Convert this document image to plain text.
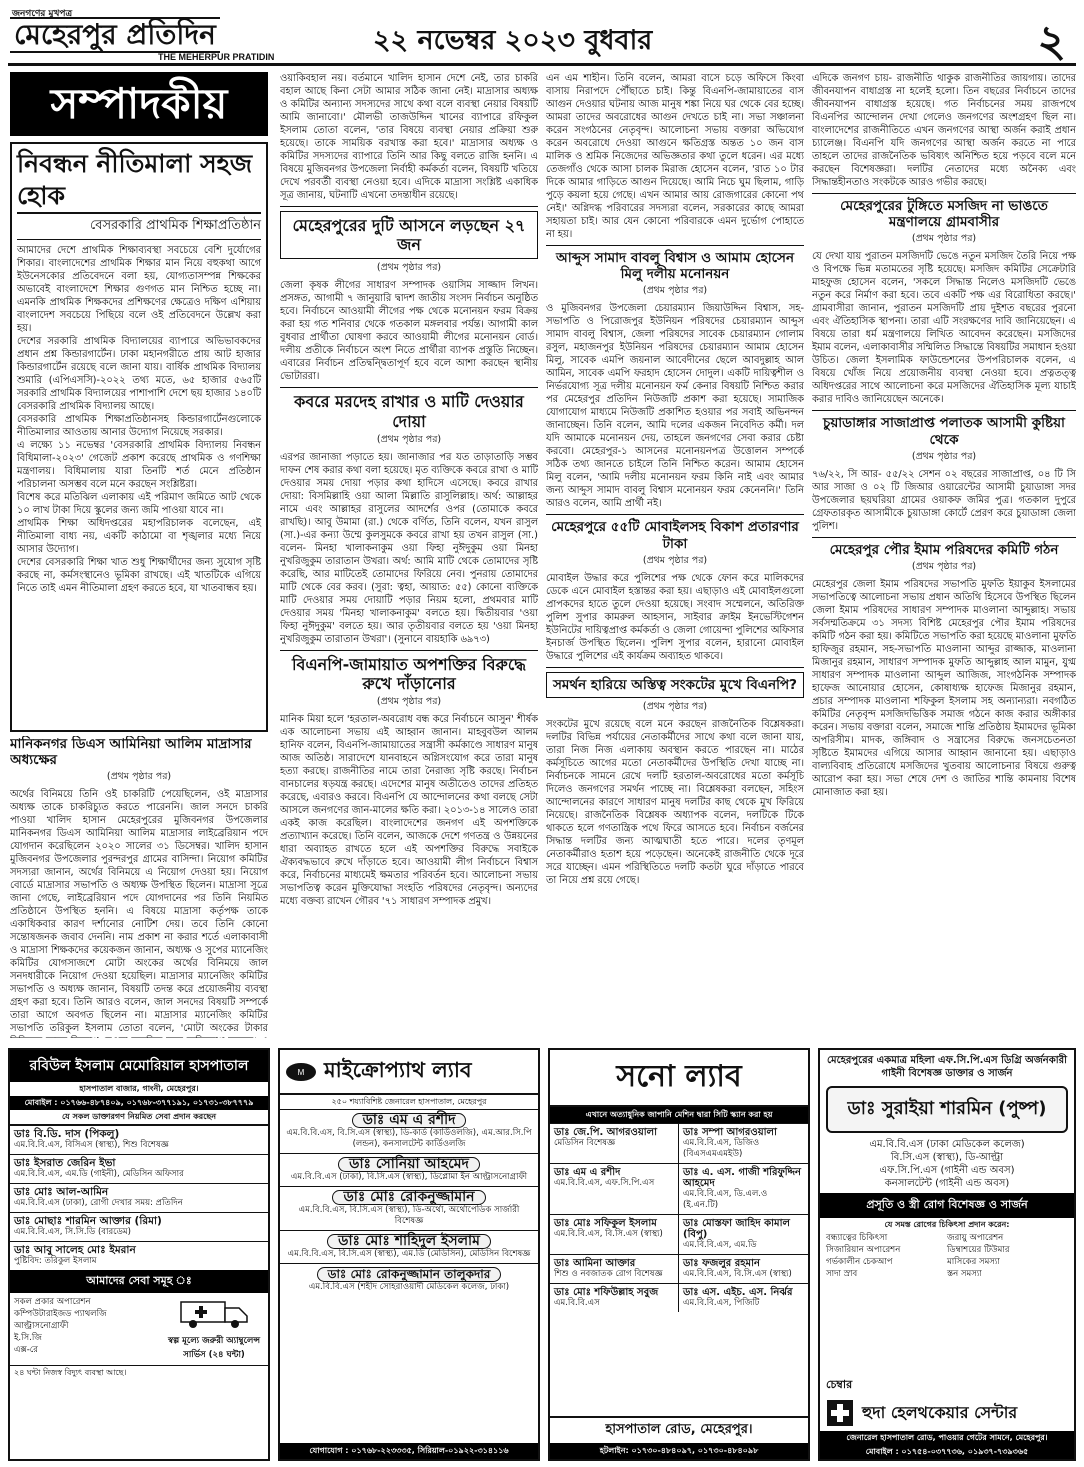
জনগণের মুখপত্র
মেহেরপুর প্রতিদিন
THE MEHERPUR PRATIDIN
২২ নভেম্বর ২০২৩ বুধবার	২
সম্পাদকীয়
নিবন্ধন নীতিমালা সহজ হোক
বেসরকারি প্রাথমিক শিক্ষাপ্রতিষ্ঠান

আমাদের দেশে প্রাথমিক শিক্ষাব্যবস্থা সবচেয়ে বেশি দুর্যোগের শিকার। বাংলাদেশের প্রাথমিক শিক্ষার মান নিয়ে বহুকথা আগে ইউনেসকোর প্রতিবেদনে বলা হয়, যোগ্যতাসম্পন্ন শিক্ষকের অভাবেই বাংলাদেশে শিক্ষার গুণগত মান নিশ্চিত হচ্ছে না। এমনকি প্রাথমিক শিক্ষকদের প্রশিক্ষণের ক্ষেত্রেও দক্ষিণ এশিয়ায় বাংলাদেশ সবচেয়ে পিছিয়ে বলে ওই প্রতিবেদনে উল্লেখ করা হয়।

দেশের সরকারি প্রাথমিক বিদ্যালয়ের ব্যাপারে অভিভাবকদের প্রধান প্রশ্ন কিন্ডারগার্টেন। ঢাকা মহানগরীতে প্রায় আট হাজার কিন্ডারগার্টেন রয়েছে বলে জানা যায়। বার্ষিক প্রাথমিক বিদ্যালয় শুমারি (এপিএসসি)-২০২২ তথ্য মতে, ৬৫ হাজার ৫৬৫টি সরকারি প্রাথমিক বিদ্যালয়ের পাশাপাশি দেশে ছয় হাজার ১৪০টি বেসরকারি প্রাথমিক বিদ্যালয় আছে।

বেসরকারি প্রাথমিক শিক্ষাপ্রতিষ্ঠানসহ কিন্ডারগার্টেনগুলোকে নীতিমালার আওতায় আনার উদ্যোগ নিয়েছে সরকার।

এ লক্ষ্যে ১১ নভেম্বর 'বেসরকারি প্রাথমিক বিদ্যালয় নিবন্ধন বিধিমালা-২০২৩' গেজেট প্রকাশ করেছে প্রাথমিক ও গণশিক্ষা মন্ত্রণালয়। বিধিমালায় যারা তিনটি শর্ত মেনে প্রতিষ্ঠান পরিচালনা অসম্ভব বলে মনে করছেন সংশ্লিষ্টরা।

বিশেষ করে মতিঝিল এলাকায় এই পরিমাণ জমিতে আট থেকে ১০ লাখ টাকা দিয়ে স্কুলের জন্য জমি পাওয়া যাবে না।

প্রাথমিক শিক্ষা অধিদপ্তরের মহাপরিচালক বলেছেন, এই নীতিমালা বাধ্য নয়, একটি কাঠামো বা শৃঙ্খলার মধ্যে নিয়ে আসার উদ্যোগ।

দেশের বেসরকারি শিক্ষা খাত শুধু শিক্ষার্থীদের জন্য সুযোগ সৃষ্টি করছে না, কর্মসংস্থানেও ভূমিকা রাখছে। এই খাতটিকে এগিয়ে নিতে তাই এমন নীতিমালা গ্রহণ করতে হবে, যা খাতবান্ধব হয়।

মানিকনগর ডিএস আমিনিয়া আলিম মাদ্রাসার অধ্যক্ষের
(প্রথম পৃষ্ঠার পর)

অর্থের বিনিময়ে তিনি ওই চাকরিটি পেয়েছিলেন, ওই মাদ্রাসার অধ্যক্ষ তাকে চাকরিচ্যুত করতে পারেননি। জাল সনদে চাকরি পাওয়া খালিদ হাসান মেহেরপুরের মুজিবনগর উপজেলার মানিকনগর ডিএস আমিনিয়া আলিম মাদ্রাসার লাইব্রেরিয়ান পদে যোগদান করেছিলেন ২০২০ সালের ৩১ ডিসেম্বর। খালিদ হাসান মুজিবনগর উপজেলার পুরন্দরপুর গ্রামের বাসিন্দা। নিয়োগ কমিটির সদস্যরা জানান, অর্থের বিনিময়ে এ নিয়োগ দেওয়া হয়। নিয়োগ বোর্ডে মাদ্রাসার সভাপতি ও অধ্যক্ষ উপস্থিত ছিলেন। মাদ্রাসা সূত্রে জানা গেছে, লাইব্রেরিয়ান পদে যোগদানের পর তিনি নিয়মিত প্রতিষ্ঠানে উপস্থিত হননি। এ বিষয়ে মাদ্রাসা কর্তৃপক্ষ তাকে একাধিকবার কারণ দর্শানোর নোটিশ দেয়। তবে তিনি কোনো সন্তোষজনক জবাব দেননি। নাম প্রকাশ না করার শর্তে এলাকাবাসী ও মাদ্রাসা শিক্ষকদের কয়েকজন জানান, অধ্যক্ষ ও সুপের ম্যানেজিং কমিটির যোগসাজশে মোটা অংকের অর্থের বিনিময়ে জাল সনদধারীকে নিয়োগ দেওয়া হয়েছিল। মাদ্রাসার ম্যানেজিং কমিটির সভাপতি ও অধ্যক্ষ জানান, বিষয়টি তদন্ত করে প্রয়োজনীয় ব্যবস্থা গ্রহণ করা হবে। তিনি আরও বলেন, জাল সনদের বিষয়টি সম্পর্কে তারা আগে অবগত ছিলেন না। মাদ্রাসার ম্যানেজিং কমিটির সভাপতি তরিকুল ইসলাম তোতা বলেন, 'মোটা অংকের টাকার

ওয়াকিবহাল নয়। বর্তমানে খালিদ হাসান দেশে নেই, তার চাকরি বহাল আছে কিনা সেটা আমার সঠিক জানা নেই। মাদ্রাসার অধ্যক্ষ ও কমিটির অন্যান্য সদস্যদের সাথে কথা বলে ব্যবস্থা নেয়ার বিষয়টি আমি জানাবো।' মৌলভী তাজউদ্দিন খানের ব্যাপারে রফিকুল ইসলাম তোতা বলেন, 'তার বিষয়ে ব্যবস্থা নেয়ার প্রক্রিয়া শুরু হয়েছে। তাকে সাময়িক বরখাস্ত করা হবে।' মাদ্রাসার অধ্যক্ষ ও কমিটির সদস্যদের ব্যাপারে তিনি আর কিছু বলতে রাজি হননি। এ বিষয়ে মুজিবনগর উপজেলা নির্বাহী কর্মকর্তা বলেন, বিষয়টি খতিয়ে দেখে পরবর্তী ব্যবস্থা নেওয়া হবে। এদিকে মাদ্রাসা সংশ্লিষ্ট একাধিক সূত্র জানায়, ঘটনাটি এখনো তদন্তাধীন রয়েছে।

মেহেরপুরের দুটি আসনে লড়ছেন ২৭ জন
(প্রথম পৃষ্ঠার পর)

জেলা কৃষক লীগের সাধারণ সম্পাদক ওয়াসিম সাজ্জাদ লিখন। প্রসঙ্গত, আগামী ৭ জানুয়ারি দ্বাদশ জাতীয় সংসদ নির্বাচন অনুষ্ঠিত হবে। নির্বাচনে আওয়ামী লীগের পক্ষ থেকে মনোনয়ন ফরম বিক্রয় করা হয় গত শনিবার থেকে গতকাল মঙ্গলবার পর্যন্ত। আগামী কাল বুধবার প্রার্থীতা ঘোষণা করবে আওয়ামী লীগের মনোনয়ন বোর্ড। দলীয় প্রতীকে নির্বাচনে অংশ নিতে প্রার্থীরা ব্যাপক প্রস্তুতি নিচ্ছেন। এবারের নির্বাচন প্রতিদ্বন্দ্বিতাপূর্ণ হবে বলে আশা করছেন স্থানীয় ভোটাররা।

কবরে মরদেহ রাখার ও মাটি দেওয়ার দোয়া
(প্রথম পৃষ্ঠার পর)

এরপর জানাজা পড়াতে হয়। জানাজার পর যত তাড়াতাড়ি সম্ভব দাফন শেষ করার কথা বলা হয়েছে। মৃত ব্যক্তিকে কবরে রাখা ও মাটি দেওয়ার সময় দোয়া পড়ার কথা হাদিসে এসেছে। কবরে রাখার দোয়া: বিসমিল্লাহি ওয়া আলা মিল্লাতি রাসুলিল্লাহ। অর্থ: আল্লাহর নামে এবং আল্লাহর রাসুলের আদর্শের ওপর (তোমাকে কবরে রাখছি)। আবু উমামা (রা.) থেকে বর্ণিত, তিনি বলেন, যখন রাসুল (সা.)-এর কন্যা উম্মে কুলসুমকে কবরে রাখা হয় তখন রাসুল (সা.) বলেন- মিনহা খালাকনাকুম ওয়া ফিহা নুঈদুকুম ওয়া মিনহা নুখরিজুকুম তারাতান উখরা। অর্থ: আমি মাটি থেকে তোমাদের সৃষ্টি করেছি, আর মাটিতেই তোমাদের ফিরিয়ে নেব। পুনরায় তোমাদের মাটি থেকে বের করব। (সুরা: ত্বহা, আয়াত: ৫৫) কোনো ব্যক্তিকে মাটি দেওয়ার সময় দোয়াটি পড়ার নিয়ম হলো, প্রথমবার মাটি দেওয়ার সময় 'মিনহা খালাকনাকুম' বলতে হয়। দ্বিতীয়বার 'ওয়া ফিহা নুঈদুকুম' বলতে হয়। আর তৃতীয়বার বলতে হয় 'ওয়া মিনহা নুখরিজুকুম তারাতান উখরা'। (সুনানে বায়হাকি ৬৯৭৩)

বিএনপি-জামায়াত অপশক্তির বিরুদ্ধে রুখে দাঁড়ানোর
(প্রথম পৃষ্ঠার পর)

মানিক মিয়া হলে 'হরতাল-অবরোধ বন্ধ করে নির্বাচনে আসুন' শীর্ষক এক আলোচনা সভায় এই আহ্বান জানান। মাহবুবউল আলম হানিফ বলেন, বিএনপি-জামায়াতের সন্ত্রাসী কর্মকাণ্ডে সাধারণ মানুষ আজ অতিষ্ঠ। সারাদেশে যানবাহনে অগ্নিসংযোগ করে তারা মানুষ হত্যা করছে। রাজনীতির নামে তারা নৈরাজ্য সৃষ্টি করছে। নির্বাচন বানচালের ষড়যন্ত্র করছে। এদেশের মানুষ অতীতেও তাদের প্রতিহত করেছে, এবারও করবে। বিএনপি যে আন্দোলনের কথা বলছে সেটা আসলে জনগণের জান-মালের ক্ষতি করা। ২০১৩-১৪ সালেও তারা একই কাজ করেছিল। বাংলাদেশের জনগণ এই অপশক্তিকে প্রত্যাখ্যান করেছে। তিনি বলেন, আজকে দেশে গণতন্ত্র ও উন্নয়নের ধারা অব্যাহত রাখতে হলে এই অপশক্তির বিরুদ্ধে সবাইকে ঐক্যবদ্ধভাবে রুখে দাঁড়াতে হবে। আওয়ামী লীগ নির্বাচনে বিশ্বাস করে, নির্বাচনের মাধ্যমেই ক্ষমতার পরিবর্তন হবে। আলোচনা সভায় সভাপতিত্ব করেন মুক্তিযোদ্ধা সংহতি পরিষদের নেতৃবৃন্দ। অন্যদের মধ্যে বক্তব্য রাখেন গৌরব '৭১ সাধারণ সম্পাদক প্রমুখ।

এন এম শাহীন। তিনি বলেন, আমরা বাসে চড়ে অফিসে কিংবা বাসায় নিরাপদে পৌঁছাতে চাই। কিন্তু বিএনপি-জামায়াতের বাস আগুন দেওয়ার ঘটনায় আজ মানুষ শঙ্কা নিয়ে ঘর থেকে বের হচ্ছে। আমরা তাদের অবরোধের আগুন দেখতে চাই না। সভা সঞ্চালনা করেন সংগঠনের নেতৃবৃন্দ। আলোচনা সভায় বক্তারা অভিযোগ করেন অবরোধে দেওয়া আগুনে ক্ষতিগ্রস্ত অন্তত ১০ জন বাস মালিক ও শ্রমিক নিজেদের অভিজ্ঞতার কথা তুলে ধরেন। এর মধ্যে তেজগাঁও থেকে আসা চালক মিরাজ হোসেন বলেন, 'রাত ১০ টার দিকে আমার গাড়িতে আগুন দিয়েছে। আমি নিচে ঘুম ছিলাম, গাড়ি পুড়ে কয়লা হয়ে গেছে। এখন আমার আয় রোজগারের কোনো পথ নেই।' অগ্নিদগ্ধ পরিবারের সদস্যরা বলেন, সরকারের কাছে আমরা সহায়তা চাই। আর যেন কোনো পরিবারকে এমন দুর্ভোগ পোহাতে না হয়।

আব্দুস সামাদ বাবলু বিশ্বাস ও আমাম হোসেন মিলু দলীয় মনোনয়ন
(প্রথম পৃষ্ঠার পর)

ও মুজিবনগর উপজেলা চেয়ারম্যান জিয়াউদ্দিন বিশ্বাস, সহ-সভাপতি ও পিরোজপুর ইউনিয়ন পরিষদের চেয়ারম্যান আব্দুস সামাদ বাবলু বিশ্বাস, জেলা পরিষদের সাবেক চেয়ারম্যান গোলাম রসুল, মহাজনপুর ইউনিয়ন পরিষদের চেয়ারম্যান আমাম হোসেন মিলু, সাবেক এমপি জয়নাল আবেদীনের ছেলে আবদুল্লাহ আল আমিন, সাবেক এমপি ফরহাদ হোসেন দোদুল। একটি দায়িত্বশীল ও নির্ভরযোগ্য সূত্র দলীয় মনোনয়ন ফর্ম কেনার বিষয়টি নিশ্চিত করার পর মেহেরপুর প্রতিদিন নিউজটি প্রকাশ করা হয়েছে। সামাজিক যোগাযোগ মাধ্যমে নিউজটি প্রকাশিত হওয়ার পর সবাই অভিনন্দন জানাচ্ছেন। তিনি বলেন, আমি দলের একজন নিবেদিত কর্মী। দল যদি আমাকে মনোনয়ন দেয়, তাহলে জনগণের সেবা করার চেষ্টা করবো। মেহেরপুর-১ আসনের মনোনয়নপত্র উত্তোলন সম্পর্কে সঠিক তথ্য জানতে চাইলে তিনি নিশ্চিত করেন। আমাম হোসেন মিলু বলেন, 'আমি দলীয় মনোনয়ন ফরম কিনি নাই এবং আমার জন্য আব্দুস সামাদ বাবলু বিশ্বাস মনোনয়ন ফরম কেনেননি।' তিনি আরও বলেন, আমি প্রার্থী নই।

মেহেরপুরে ৫৫টি মোবাইলসহ বিকাশ প্রতারণার টাকা
(প্রথম পৃষ্ঠার পর)

মোবাইল উদ্ধার করে পুলিশের পক্ষ থেকে ফোন করে মালিকদের ডেকে এনে মোবাইল হস্তান্তর করা হয়। এছাড়াও এই মোবাইলগুলো প্রাপকদের হাতে তুলে দেওয়া হয়েছে। সংবাদ সম্মেলনে, অতিরিক্ত পুলিশ সুপার কামরুল আহসান, সাইবার ক্রাইম ইনভেস্টিগেশন ইউনিটের দায়িত্বপ্রাপ্ত কর্মকর্তা ও জেলা গোয়েন্দা পুলিশের অফিসার ইনচার্জ উপস্থিত ছিলেন। পুলিশ সুপার বলেন, হারানো মোবাইল উদ্ধারে পুলিশের এই কার্যক্রম অব্যাহত থাকবে।

সমর্থন হারিয়ে অস্তিত্ব সংকটের মুখে বিএনপি?
(প্রথম পৃষ্ঠার পর)

সংকটের মুখে রয়েছে বলে মনে করছেন রাজনৈতিক বিশ্লেষকরা। দলটির বিভিন্ন পর্যায়ের নেতাকর্মীদের সাথে কথা বলে জানা যায়, তারা নিজ নিজ এলাকায় অবস্থান করতে পারছেন না। মাঠের কর্মসূচিতে আগের মতো নেতাকর্মীদের উপস্থিতি দেখা যাচ্ছে না। নির্বাচনকে সামনে রেখে দলটি হরতাল-অবরোধের মতো কর্মসূচি দিলেও জনগণের সমর্থন পাচ্ছে না। বিশ্লেষকরা বলছেন, সহিংস আন্দোলনের কারণে সাধারণ মানুষ দলটির কাছ থেকে মুখ ফিরিয়ে নিয়েছে। রাজনৈতিক বিশ্লেষক অধ্যাপক বলেন, দলটিকে টিকে থাকতে হলে গণতান্ত্রিক পথে ফিরে আসতে হবে। নির্বাচন বর্জনের সিদ্ধান্ত দলটির জন্য আত্মঘাতী হতে পারে। দলের তৃণমূল নেতাকর্মীরাও হতাশ হয়ে পড়েছেন। অনেকেই রাজনীতি থেকে দূরে সরে যাচ্ছেন। এমন পরিস্থিতিতে দলটি কতটা ঘুরে দাঁড়াতে পারবে তা নিয়ে প্রশ্ন রয়ে গেছে।

এদিকে জনগণ চায়- রাজনীতি থাকুক রাজনীতির জায়গায়। তাদের জীবনযাপন বাধাগ্রস্ত না হলেই হলো। তিন বছরের নির্বাচনে তাদের জীবনযাপন বাধাগ্রস্ত হয়েছে। গত নির্বাচনের সময় রাজপথে বিএনপির আন্দোলন দেখা গেলেও জনগণের অংশগ্রহণ ছিল না। বাংলাদেশের রাজনীতিতে এখন জনগণের আস্থা অর্জন করাই প্রধান চ্যালেঞ্জ। বিএনপি যদি জনগণের আস্থা অর্জন করতে না পারে তাহলে তাদের রাজনৈতিক ভবিষ্যৎ অনিশ্চিত হয়ে পড়বে বলে মনে করছেন বিশেষজ্ঞরা। দলটির নেতাদের মধ্যে অনৈক্য এবং সিদ্ধান্তহীনতাও সংকটকে আরও গভীর করছে।

মেহেরপুরের টুঙ্গিতে মসজিদ না ভাঙতে মন্ত্রণালয়ে গ্রামবাসীর
(প্রথম পৃষ্ঠার পর)

যে দেখা যায় পুরাতন মসজিদটি ভেঙে নতুন মসজিদ তৈরি নিয়ে পক্ষ ও বিপক্ষে ভিন্ন মতামতের সৃষ্টি হয়েছে। মসজিদ কমিটির সেক্রেটারি মাহফুজ হোসেন বলেন, 'সকলে সিদ্ধান্ত নিলেও মসজিদটি ভেঙে নতুন করে নির্মাণ করা হবে। তবে একটি পক্ষ এর বিরোধিতা করছে।' গ্রামবাসীরা জানান, পুরাতন মসজিদটি প্রায় দুইশত বছরের পুরনো এবং ঐতিহাসিক স্থাপনা। তারা এটি সংরক্ষণের দাবি জানিয়েছেন। এ বিষয়ে তারা ধর্ম মন্ত্রণালয়ে লিখিত আবেদন করেছেন। মসজিদের ইমাম বলেন, এলাকাবাসীর সম্মিলিত সিদ্ধান্তে বিষয়টির সমাধান হওয়া উচিত। জেলা ইসলামিক ফাউন্ডেশনের উপপরিচালক বলেন, এ বিষয়ে খোঁজ নিয়ে প্রয়োজনীয় ব্যবস্থা নেওয়া হবে। প্রত্নতত্ত্ব অধিদপ্তরের সাথে আলোচনা করে মসজিদের ঐতিহাসিক মূল্য যাচাই করার দাবিও জানিয়েছেন অনেকে।

চুয়াডাঙ্গার সাজাপ্রাপ্ত পলাতক আসামী কুষ্টিয়া থেকে
(প্রথম পৃষ্ঠার পর)

৭৬/২২, সি আর- ৫৫/২২ সেশন ০২ বছরের সাজাপ্রাপ্ত, ০৪ টি সি আর সাজা ও ০২ টি জিআর ওয়ারেন্টের আসামী চুয়াডাঙ্গা সদর উপজেলার ছয়ঘরিয়া গ্রামের ওয়াকফ জমির পুত্র। গতকাল দুপুরে গ্রেফতারকৃত আসামীকে চুয়াডাঙ্গা কোর্টে প্রেরণ করে চুয়াডাঙ্গা জেলা পুলিশ।

মেহেরপুর পৌর ইমাম পরিষদের কমিটি গঠন
(প্রথম পৃষ্ঠার পর)

মেহেরপুর জেলা ইমাম পরিষদের সভাপতি মুফতি ইয়াকুব ইসলামের সভাপতিত্বে আলোচনা সভায় প্রধান অতিথি হিসেবে উপস্থিত ছিলেন জেলা ইমাম পরিষদের সাধারণ সম্পাদক মাওলানা আব্দুল্লাহ। সভায় সর্বসম্মতিক্রমে ৩১ সদস্য বিশিষ্ট মেহেরপুর পৌর ইমাম পরিষদের কমিটি গঠন করা হয়। কমিটিতে সভাপতি করা হয়েছে মাওলানা মুফতি হাফিজুর রহমান, সহ-সভাপতি মাওলানা আব্দুর রাজ্জাক, মাওলানা মিজানুর রহমান, সাধারণ সম্পাদক মুফতি আব্দুল্লাহ আল মামুন, যুগ্ম সাধারণ সম্পাদক মাওলানা আব্দুল আজিজ, সাংগঠনিক সম্পাদক হাফেজ আনোয়ার হোসেন, কোষাধ্যক্ষ হাফেজ মিজানুর রহমান, প্রচার সম্পাদক মাওলানা শফিকুল ইসলাম সহ অন্যান্যরা। নবগঠিত কমিটির নেতৃবৃন্দ মসজিদভিত্তিক সমাজ গঠনে কাজ করার অঙ্গীকার করেন। সভায় বক্তারা বলেন, সমাজে শান্তি প্রতিষ্ঠায় ইমামদের ভূমিকা অপরিসীম। মাদক, জঙ্গিবাদ ও সন্ত্রাসের বিরুদ্ধে জনসচেতনতা সৃষ্টিতে ইমামদের এগিয়ে আসার আহ্বান জানানো হয়। এছাড়াও বাল্যবিবাহ প্রতিরোধে মসজিদের খুতবায় আলোচনার বিষয়ে গুরুত্ব আরোপ করা হয়। সভা শেষে দেশ ও জাতির শান্তি কামনায় বিশেষ মোনাজাত করা হয়।

রবিউল ইসলাম মেমোরিয়াল হাসপাতাল
হাসপাতাল বাজার, গাংনী, মেহেরপুর।
মোবাইল : ০১৭৬৬-৪৮৭৪০৯, ০১৭৬৮-৩৭৭১৯১, ০১৭৩১-৩৮৭৭৭৯
যে সকল ডাক্তারগণ নিয়মিত সেবা প্রদান করছেন
ডাঃ বি.ডি. দাস (পিকলু)
এম.বি.বি.এস, বিসিএস (স্বাস্থ্য), শিশু বিশেষজ্ঞ
ডাঃ ইসরাত জেরিন ইভা
এম.বি.বি.এস, এম.ডি (গাইনী), মেডিসিন অফিসার
ডাঃ মোঃ আল-আমিন
এম.বি.বি.এস (ঢাকা), রোগী দেখার সময়: প্রতিদিন
ডাঃ মোছাঃ শারমিন আক্তার (রিমা)
এম.বি.বি.এস, সি.সি.ডি (বারডেম)
ডাঃ আবু সালেহ মোঃ ইমরান
পুষ্টিবিদ: তরিকুল ইসলাম
আমাদের সেবা সমূহ ঃ
সকল প্রকার অপারেশন
কম্পিউটারাইজড প্যাথলজি
আল্ট্রাসনোগ্রাফী
ই.সি.জি
এক্স-রে
স্বল্প মূল্যে জরুরী অ্যাম্বুলেন্স সার্ভিস (২৪ ঘন্টা)
২৪ ঘন্টা নিজস্ব বিদ্যুৎ ব্যবস্থা আছে।
M মাইক্রোপ্যাথ ল্যাব
২৫০ শয্যাবিশিষ্ট জেনারেল হাসপাতাল, মেহেরপুর
ডাঃ এম এ রশীদ
এম.বি.বি.এস, বি.সি.এস (স্বাস্থ্য), ডি-কার্ড (কার্ডিওলজি), এম.আর.সি.পি (লন্ডন), কনসালটেন্ট কার্ডিওলজি
ডাঃ সোনিয়া আহমেদ
এম.বি.বি.এস (ঢাকা), বি.সি.এস (স্বাস্থ্য), ডিপ্লোমা ইন আল্ট্রাসনোগ্রাফী
ডাঃ মোঃ রোকনুজ্জামান
এম.বি.বি.এস, বি.সি.এস (স্বাস্থ্য), ডি-অর্থো, অর্থোপেডিক সার্জারী বিশেষজ্ঞ
ডাঃ মোঃ শাহিদুল ইসলাম
এম.বি.বি.এস, বি.সি.এস (স্বাস্থ্য), এম.ডি (মেডিসিন), মেডিসিন বিশেষজ্ঞ
ডাঃ মোঃ রোকনুজ্জামান তালুকদার
এম.বি.বি.এস (শহীদ সোহরাওয়ার্দী মেডিকেল কলেজ, ঢাকা)
যোগাযোগ : ০১৭৬৮-২২৩৩৩৫, সিরিয়াল-০১৯২২-৩১৪১১৬
সনো ল্যাব
এখানে অত্যাধুনিক জাপানি মেশিন দ্বারা সিটি স্ক্যান করা হয়
ডাঃ জে.পি. আগরওয়ালা
মেডিসিন বিশেষজ্ঞ
ডাঃ সম্পা আগরওয়ালা
এম.বি.বি.এস, ডিজিও (বিএসএমএমইউ)
ডাঃ এম এ রশীদ
এম.বি.বি.এস, এফ.সি.পি.এস
ডাঃ এ. এস. গাজী শরিফুদ্দিন আহমেদ
এম.বি.বি.এস, ডি.এল.ও (ই.এন.টি)
ডাঃ মোঃ সফিকুল ইসলাম
এম.বি.বি.এস, বি.সি.এস (স্বাস্থ্য)
ডাঃ মোস্তফা জাহিদ কামাল (বিপু)
এম.বি.বি.এস, এম.ডি
ডাঃ আমিনা আক্তার
শিশু ও নবজাতক রোগ বিশেষজ্ঞ
ডাঃ ফজলুর রহমান
এম.বি.বি.এস, বি.সি.এস (স্বাস্থ্য)
ডাঃ মোঃ শফিউল্লাহ সবুজ
এম.বি.বি.এস
ডাঃ এস. এইচ. এস. নির্ঝর
এম.বি.বি.এস, পিজিটি
হাসপাতাল রোড, মেহেরপুর।
হটলাইন: ০১৭৩০-৪৮৪০৯৭, ০১৭৩০-৪৮৪০৯৮
মেহেরপুরের একমাত্র মহিলা এফ.সি.পি.এস ডিগ্রি অর্জনকারী গাইনী বিশেষজ্ঞ ডাক্তার ও সার্জন
ডাঃ সুরাইয়া শারমিন (পুষ্প)
এম.বি.বি.এস (ঢাকা মেডিকেল কলেজ)
বি.সি.এস (স্বাস্থ্য), ডি-আল্ট্রা
এফ.সি.পি.এস (গাইনী এন্ড অবস)
কনসালটেন্ট (গাইনী এন্ড অবস)
প্রসূতি ও স্ত্রী রোগ বিশেষজ্ঞ ও সার্জন
যে সমস্ত রোগের চিকিৎসা প্রদান করেন:
বন্ধ্যাত্বের চিকিৎসা	জরায়ু অপারেশন
সিজারিয়ান অপারেশন	ডিম্বাশয়ের টিউমার
গর্ভকালীন চেকআপ	মাসিকের সমস্যা
সাদা স্রাব	স্তন সমস্যা
চেম্বার
হুদা হেলথকেয়ার সেন্টার
জেনারেল হাসপাতাল রোড, পাওয়ার গেটের সামনে, মেহেরপুর।
মোবাইল : ০১৭৫৪-০৩৭৭৩৬, ০১৯৩৭-৭৩৯৩৬৫
